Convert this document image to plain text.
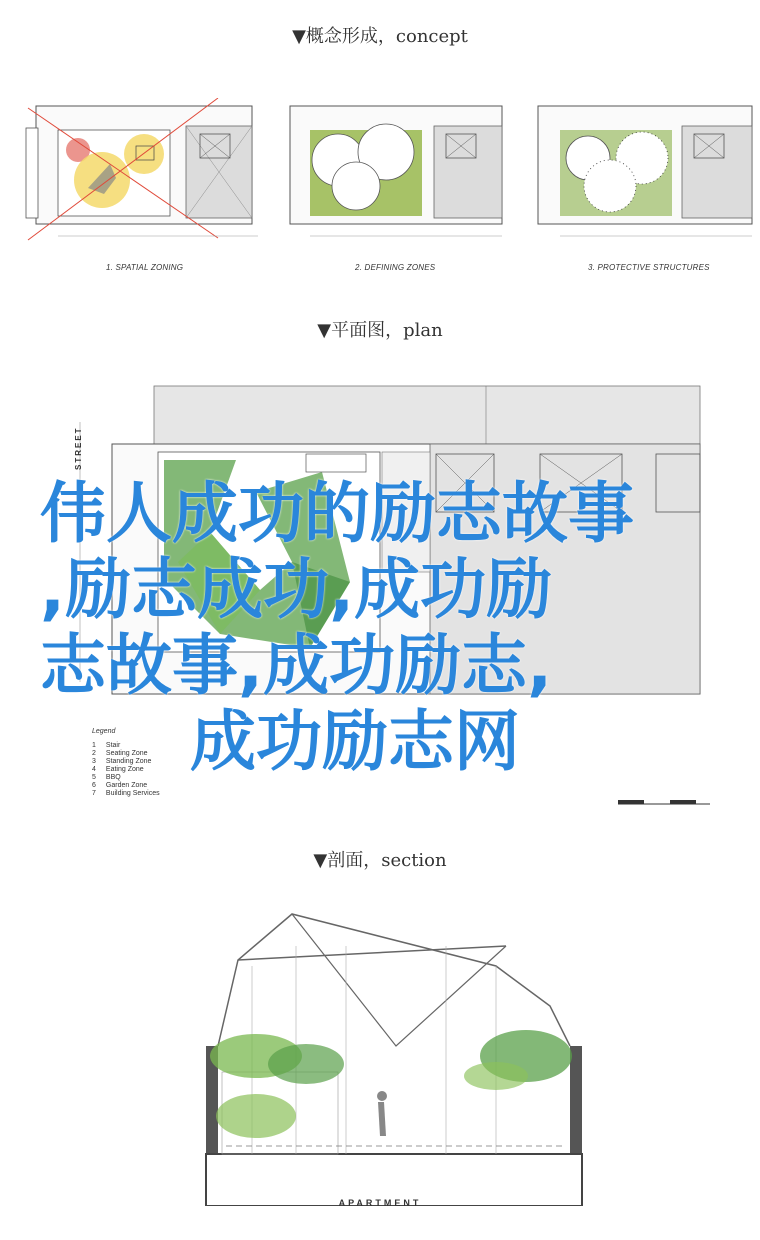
▼概念形成，concept
1. SPATIAL ZONING	2. DEFINING ZONES	3. PROTECTIVE STRUCTURES
▼平面图，plan
STREET
Legend
1 Stair
2 Seating Zone
3 Standing Zone
4 Eating Zone
5 BBQ
6 Garden Zone
7 Building Services
伟人成功的励志故事
,励志成功,成功励
志故事,成功励志,
成功励志网
▼剖面，section
APARTMENT
